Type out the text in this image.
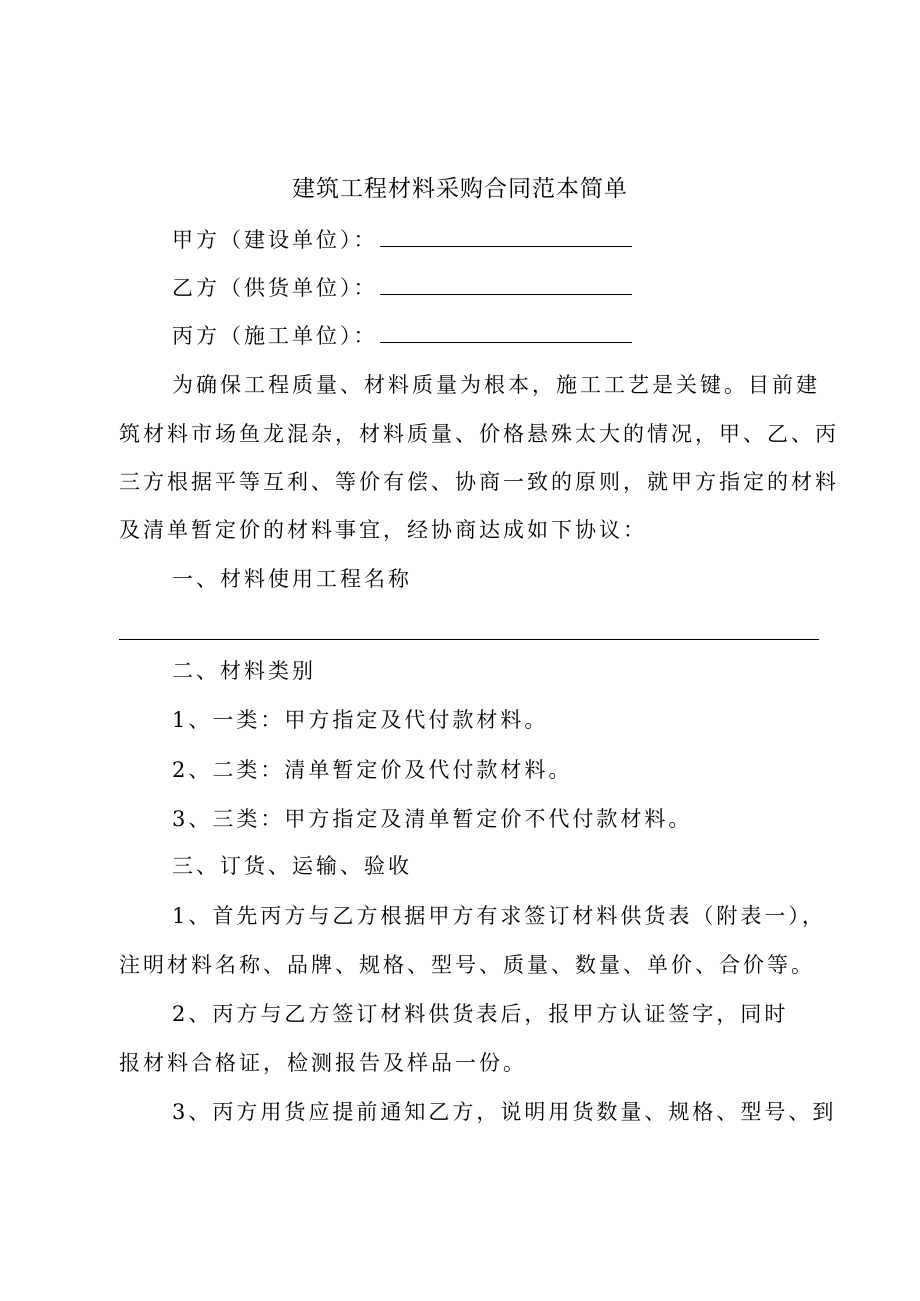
建筑工程材料采购合同范本简单
甲方（建设单位）：
乙方（供货单位）：
丙方（施工单位）：
为确保工程质量、材料质量为根本，施工工艺是关键。目前建
筑材料市场鱼龙混杂，材料质量、价格悬殊太大的情况，甲、乙、丙
三方根据平等互利、等价有偿、协商一致的原则，就甲方指定的材料
及清单暂定价的材料事宜，经协商达成如下协议：
一、材料使用工程名称
二、材料类别
1、一类：甲方指定及代付款材料。
2、二类：清单暂定价及代付款材料。
3、三类：甲方指定及清单暂定价不代付款材料。
三、订货、运输、验收
1、首先丙方与乙方根据甲方有求签订材料供货表（附表一），
注明材料名称、品牌、规格、型号、质量、数量、单价、合价等。
2、丙方与乙方签订材料供货表后，报甲方认证签字，同时
报材料合格证，检测报告及样品一份。
3、丙方用货应提前通知乙方，说明用货数量、规格、型号、到
